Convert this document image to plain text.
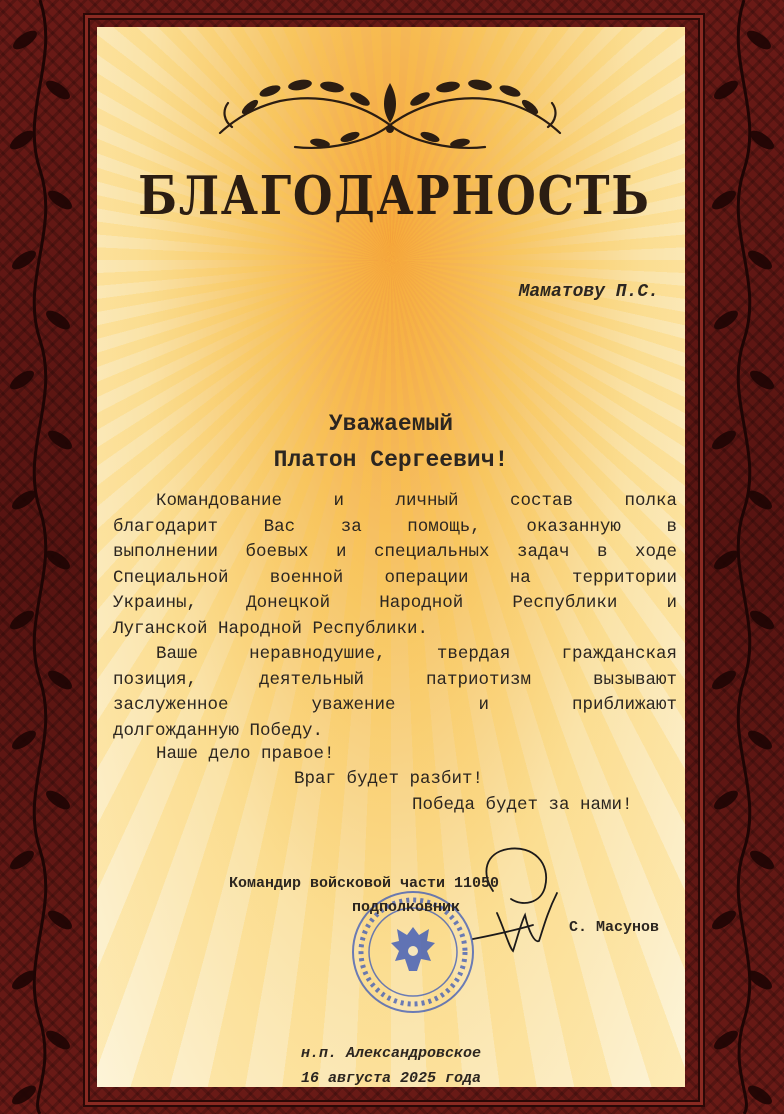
БЛАГОДАРНОСТЬ
Маматову П.С.
Уважаемый
Платон Сергеевич!
Командование и личный состав полка
благодарит Вас за помощь, оказанную в
выполнении боевых и специальных задач в ходе
Специальной военной операции на территории
Украины, Донецкой Народной Республики и
Луганской Народной Республики.
Ваше неравнодушие, твердая гражданская
позиция, деятельный патриотизм вызывают
заслуженное уважение и приближают
долгожданную Победу.
Наше дело правое!
Враг будет разбит!
Победа будет за нами!
Командир войсковой части 11050
подполковник
С. Масунов
н.п. Александровское
16 августа 2025 года
